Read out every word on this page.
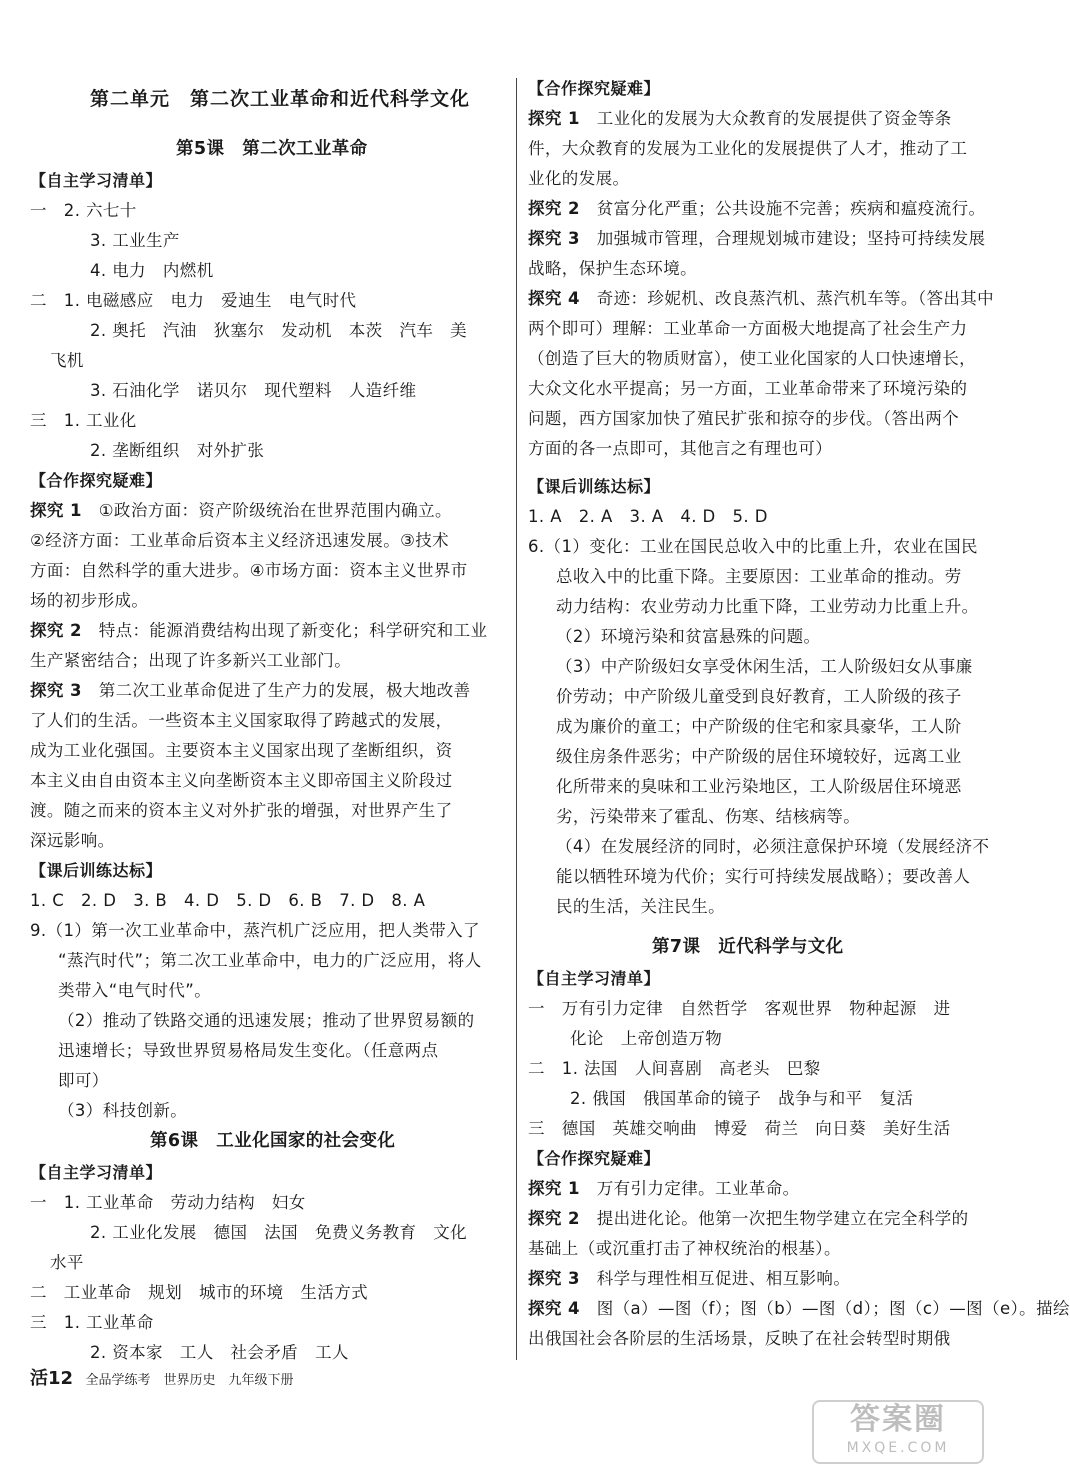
第二单元　第二次工业革命和近代科学文化
第5课　第二次工业革命
【自主学习清单】
一　2. 六七十
3. 工业生产
4. 电力　内燃机
二　1. 电磁感应　电力　爱迪生　电气时代
2. 奥托　汽油　狄塞尔　发动机　本茨　汽车　美
飞机
3. 石油化学　诺贝尔　现代塑料　人造纤维
三　1. 工业化
2. 垄断组织　对外扩张
【合作探究疑难】
探究 1　 ①政治方面：资产阶级统治在世界范围内确立。
②经济方面：工业革命后资本主义经济迅速发展。③技术
方面：自然科学的重大进步。④市场方面：资本主义世界市
场的初步形成。
探究 2　 特点：能源消费结构出现了新变化；科学研究和工业
生产紧密结合；出现了许多新兴工业部门。
探究 3　 第二次工业革命促进了生产力的发展，极大地改善
了人们的生活。一些资本主义国家取得了跨越式的发展，
成为工业化强国。主要资本主义国家出现了垄断组织，资
本主义由自由资本主义向垄断资本主义即帝国主义阶段过
渡。随之而来的资本主义对外扩张的增强，对世界产生了
深远影响。
【课后训练达标】
1. C　2. D　3. B　4. D　5. D　6. B　7. D　8. A
9.（1）第一次工业革命中，蒸汽机广泛应用，把人类带入了
“蒸汽时代”；第二次工业革命中，电力的广泛应用，将人
类带入“电气时代”。
（2）推动了铁路交通的迅速发展；推动了世界贸易额的
迅速增长；导致世界贸易格局发生变化。（任意两点
即可）
（3）科技创新。
第6课　工业化国家的社会变化
【自主学习清单】
一　1. 工业革命　劳动力结构　妇女
2. 工业化发展　德国　法国　免费义务教育　文化
水平
二　工业革命　规划　城市的环境　生活方式
三　1. 工业革命
2. 资本家　工人　社会矛盾　工人
【合作探究疑难】
探究 1　 工业化的发展为大众教育的发展提供了资金等条
件，大众教育的发展为工业化的发展提供了人才，推动了工
业化的发展。
探究 2　 贫富分化严重；公共设施不完善；疾病和瘟疫流行。
探究 3　 加强城市管理，合理规划城市建设；坚持可持续发展
战略，保护生态环境。
探究 4　 奇迹：珍妮机、改良蒸汽机、蒸汽机车等。（答出其中
两个即可）理解：工业革命一方面极大地提高了社会生产力
（创造了巨大的物质财富），使工业化国家的人口快速增长，
大众文化水平提高；另一方面，工业革命带来了环境污染的
问题，西方国家加快了殖民扩张和掠夺的步伐。（答出两个
方面的各一点即可，其他言之有理也可）
【课后训练达标】
1. A　2. A　3. A　4. D　5. D
6.（1）变化：工业在国民总收入中的比重上升，农业在国民
总收入中的比重下降。主要原因：工业革命的推动。劳
动力结构：农业劳动力比重下降，工业劳动力比重上升。
（2）环境污染和贫富悬殊的问题。
（3）中产阶级妇女享受休闲生活，工人阶级妇女从事廉
价劳动；中产阶级儿童受到良好教育，工人阶级的孩子
成为廉价的童工；中产阶级的住宅和家具豪华，工人阶
级住房条件恶劣；中产阶级的居住环境较好，远离工业
化所带来的臭味和工业污染地区，工人阶级居住环境恶
劣，污染带来了霍乱、伤寒、结核病等。
（4）在发展经济的同时，必须注意保护环境（发展经济不
能以牺牲环境为代价；实行可持续发展战略）；要改善人
民的生活，关注民生。
第7课　近代科学与文化
【自主学习清单】
一　万有引力定律　自然哲学　客观世界　物种起源　进
化论　上帝创造万物
二　1. 法国　人间喜剧　高老头　巴黎
2. 俄国　俄国革命的镜子　战争与和平　复活
三　德国　英雄交响曲　博爱　荷兰　向日葵　美好生活
【合作探究疑难】
探究 1　 万有引力定律。工业革命。
探究 2　 提出进化论。他第一次把生物学建立在完全科学的
基础上（或沉重打击了神权统治的根基）。
探究 3　 科学与理性相互促进、相互影响。
探究 4　 图（a）—图（f）；图（b）—图（d）；图（c）—图（e）。描绘
出俄国社会各阶层的生活场景，反映了在社会转型时期俄
活12 全品学练考　世界历史　九年级下册
答案圈
MXQE.COM
